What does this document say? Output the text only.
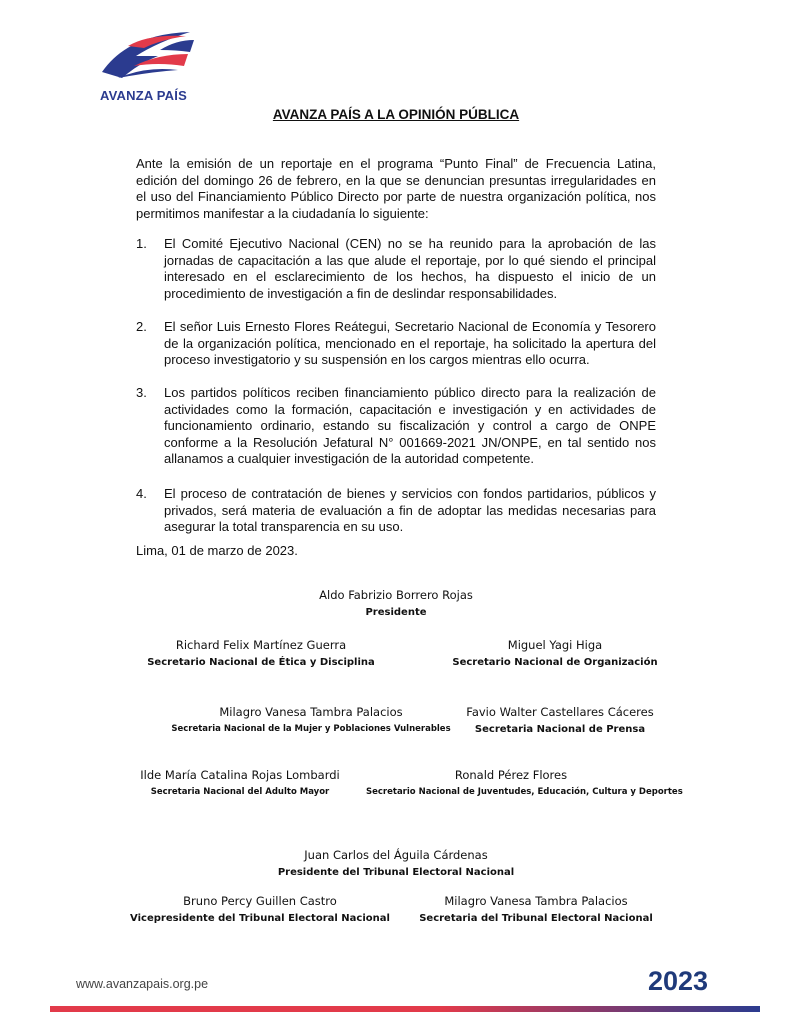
AVANZA PAÍS
AVANZA PAÍS A LA OPINIÓN PÚBLICA
Ante la emisión de un reportaje en el programa “Punto Final” de Frecuencia Latina, edición del domingo 26 de febrero, en la que se denuncian presuntas irregularidades en el uso del Financiamiento Público Directo por parte de nuestra organización política, nos permitimos manifestar a la ciudadanía lo siguiente:
1. El Comité Ejecutivo Nacional (CEN) no se ha reunido para la aprobación de las jornadas de capacitación a las que alude el reportaje, por lo qué siendo el principal interesado en el esclarecimiento de los hechos, ha dispuesto el inicio de un procedimiento de investigación a fin de deslindar responsabilidades.
2. El señor Luis Ernesto Flores Reátegui, Secretario Nacional de Economía y Tesorero de la organización política, mencionado en el reportaje, ha solicitado la apertura del proceso investigatorio y su suspensión en los cargos mientras ello ocurra.
3. Los partidos políticos reciben financiamiento público directo para la realización de actividades como la formación, capacitación e investigación y en actividades de funcionamiento ordinario, estando su fiscalización y control a cargo de ONPE conforme a la Resolución Jefatural N° 001669-2021 JN/ONPE, en tal sentido nos allanamos a cualquier investigación de la autoridad competente.
4. El proceso de contratación de bienes y servicios con fondos partidarios, públicos y privados, será materia de evaluación a fin de adoptar las medidas necesarias para asegurar la total transparencia en su uso.
Lima, 01 de marzo de 2023.
Aldo Fabrizio Borrero Rojas
Presidente
Richard Felix Martínez Guerra
Secretario Nacional de Ética y Disciplina
Miguel Yagi Higa
Secretario Nacional de Organización
Milagro Vanesa Tambra Palacios
Secretaria Nacional de la Mujer y Poblaciones Vulnerables
Favio Walter Castellares Cáceres
Secretaria Nacional de Prensa
Ilde María Catalina Rojas Lombardi
Secretaria Nacional del Adulto Mayor
Ronald Pérez Flores
Secretario Nacional de Juventudes, Educación, Cultura y Deportes
Juan Carlos del Águila Cárdenas
Presidente del Tribunal Electoral Nacional
Bruno Percy Guillen Castro
Vicepresidente del Tribunal Electoral Nacional
Milagro Vanesa Tambra Palacios
Secretaria del Tribunal Electoral Nacional
www.avanzapais.org.pe	2023
